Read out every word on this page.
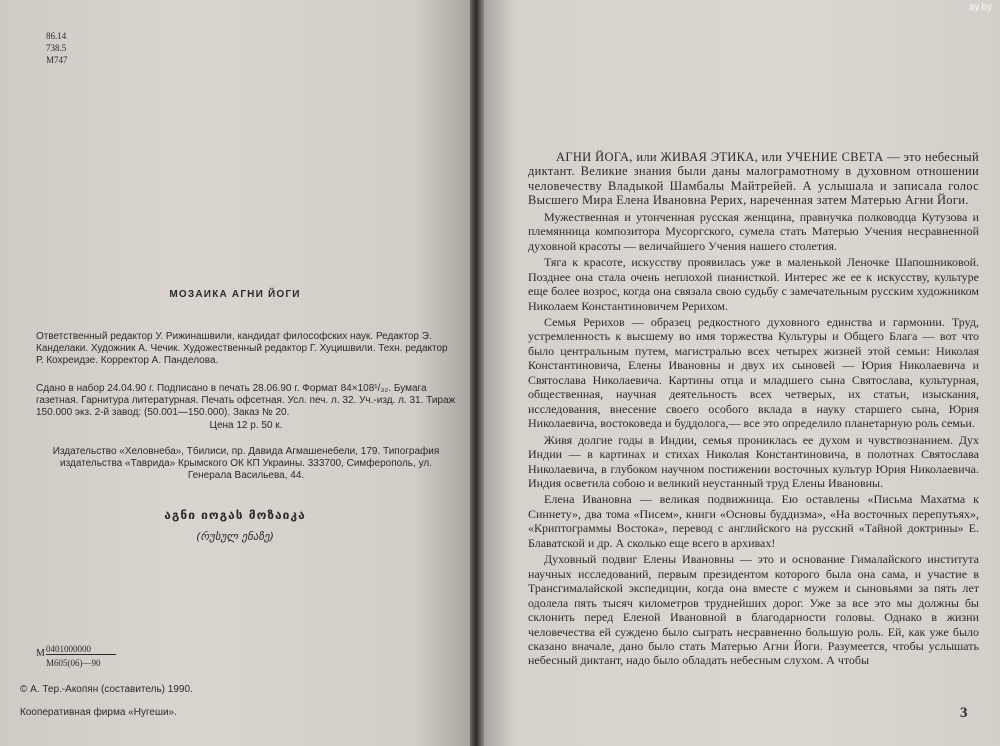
86.14
738.5
M747
МОЗАИКА АГНИ ЙОГИ
Ответственный редактор У. Рижинашвили, кандидат философских наук. Редактор Э. Канделаки. Художник А. Чечик. Художественный редактор Г. Хуцишвили. Техн. редактор Р. Кохреидзе. Корректор А. Панделова.
Сдано в набор 24.04.90 г. Подписано в печать 28.06.90 г. Формат 84×108¹/₃₂. Бумага газетная. Гарнитура литературная. Печать офсетная. Усл. печ. л. 32. Уч.-изд. л. 31. Тираж 150.000 экз. 2-й завод: (50.001—150.000). Заказ № 20.
Цена 12 р. 50 к.
Издательство «Хеловнеба», Тбилиси, пр. Давида Агмашенебели, 179. Типография издательства «Таврида» Крымского ОК КП Украины. 333700, Симферополь, ул. Генерала Васильева, 44.
აგნი იოგას მოზაიკა
(რუსულ ენაზე)
М 0401000000
М605(06)—90
© А. Тер.-Акопян (составитель) 1990.
Кооперативная фирма «Нугеши».

АГНИ ЙОГА, или ЖИВАЯ ЭТИКА, или УЧЕНИЕ СВЕТА — это небесный диктант. Великие знания были даны малограмотному в духовном отношении человечеству Владыкой Шамбалы Майтрейей. А услышала и записала голос Высшего Мира Елена Ивановна Рерих, нареченная затем Матерью Агни Йоги.

Мужественная и утонченная русская женщина, правнучка полководца Кутузова и племянница композитора Мусоргского, сумела стать Матерью Учения несравненной духовной красоты — величайшего Учения нашего столетия.

Тяга к красоте, искусству проявилась уже в маленькой Леночке Шапошниковой. Позднее она стала очень неплохой пианисткой. Интерес же ее к искусству, культуре еще более возрос, когда она связала свою судьбу с замечательным русским художником Николаем Константиновичем Рерихом.

Семья Рерихов — образец редкостного духовного единства и гармонии. Труд, устремленность к высшему во имя торжества Культуры и Общего Блага — вот что было центральным путем, магистралью всех четырех жизней этой семьи: Николая Константиновича, Елены Ивановны и двух их сыновей — Юрия Николаевича и Святослава Николаевича. Картины отца и младшего сына Святослава, культурная, общественная, научная деятельность всех четверых, их статьи, изыскания, исследования, внесение своего особого вклада в науку старшего сына, Юрия Николаевича, востоковеда и буддолога,— все это определило планетарную роль семьи.

Живя долгие годы в Индии, семья прониклась ее духом и чувствознанием. Дух Индии — в картинах и стихах Николая Константиновича, в полотнах Святослава Николаевича, в глубоком научном постижении восточных культур Юрия Николаевича. Индия осветила собою и великий неустанный труд Елены Ивановны.

Елена Ивановна — великая подвижница. Ею оставлены «Письма Махатма к Синнету», два тома «Писем», книги «Основы буддизма», «На восточных перепутьях», «Криптограммы Востока», перевод с английского на русский «Тайной доктрины» Е. Блаватской и др. А сколько еще всего в архивах!

Духовный подвиг Елены Ивановны — это и основание Гималайского института научных исследований, первым президентом которого была она сама, и участие в Трансгималайской экспедиции, когда она вместе с мужем и сыновьями за пять лет одолела пять тысяч километров труднейших дорог. Уже за все это мы должны бы склонить перед Еленой Ивановной в благодарности головы. Однако в жизни человечества ей суждено было сыграть несравненно большую роль. Ей, как уже было сказано вначале, дано было стать Матерью Агни Йоги. Разумеется, чтобы услышать небесный диктант, надо было обладать небесным слухом. А чтобы

3
ay.by
